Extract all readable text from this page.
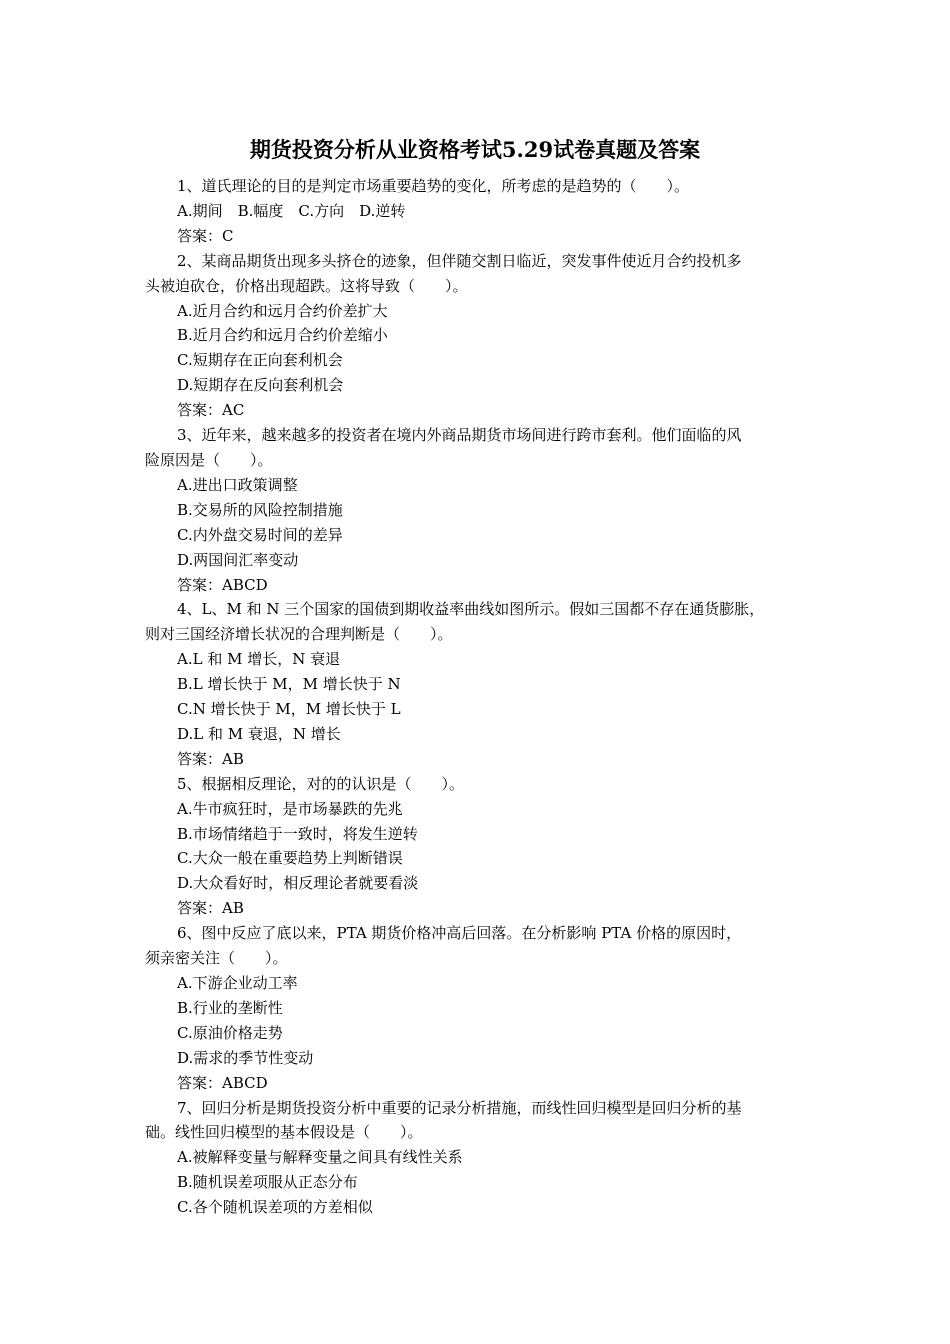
期货投资分析从业资格考试5.29试卷真题及答案
1、道氏理论的目的是判定市场重要趋势的变化，所考虑的是趋势的（　　）。
A.期间　B.幅度　C.方向　D.逆转
答案：C
2、某商品期货出现多头挤仓的迹象，但伴随交割日临近，突发事件使近月合约投机多
头被迫砍仓，价格出现超跌。这将导致（　　）。
A.近月合约和远月合约价差扩大
B.近月合约和远月合约价差缩小
C.短期存在正向套利机会
D.短期存在反向套利机会
答案：AC
3、近年来，越来越多的投资者在境内外商品期货市场间进行跨市套利。他们面临的风
险原因是（　　）。
A.进出口政策调整
B.交易所的风险控制措施
C.内外盘交易时间的差异
D.两国间汇率变动
答案：ABCD
4、L、M 和 N 三个国家的国债到期收益率曲线如图所示。假如三国都不存在通货膨胀，
则对三国经济增长状况的合理判断是（　　）。
A.L 和 M 增长，N 衰退
B.L 增长快于 M，M 增长快于 N
C.N 增长快于 M，M 增长快于 L
D.L 和 M 衰退，N 增长
答案：AB
5、根据相反理论，对的的认识是（　　）。
A.牛市疯狂时，是市场暴跌的先兆
B.市场情绪趋于一致时，将发生逆转
C.大众一般在重要趋势上判断错误
D.大众看好时，相反理论者就要看淡
答案：AB
6、图中反应了底以来，PTA 期货价格冲高后回落。在分析影响 PTA 价格的原因时，
须亲密关注（　　）。
A.下游企业动工率
B.行业的垄断性
C.原油价格走势
D.需求的季节性变动
答案：ABCD
7、回归分析是期货投资分析中重要的记录分析措施，而线性回归模型是回归分析的基
础。线性回归模型的基本假设是（　　）。
A.被解释变量与解释变量之间具有线性关系
B.随机误差项服从正态分布
C.各个随机误差项的方差相似
